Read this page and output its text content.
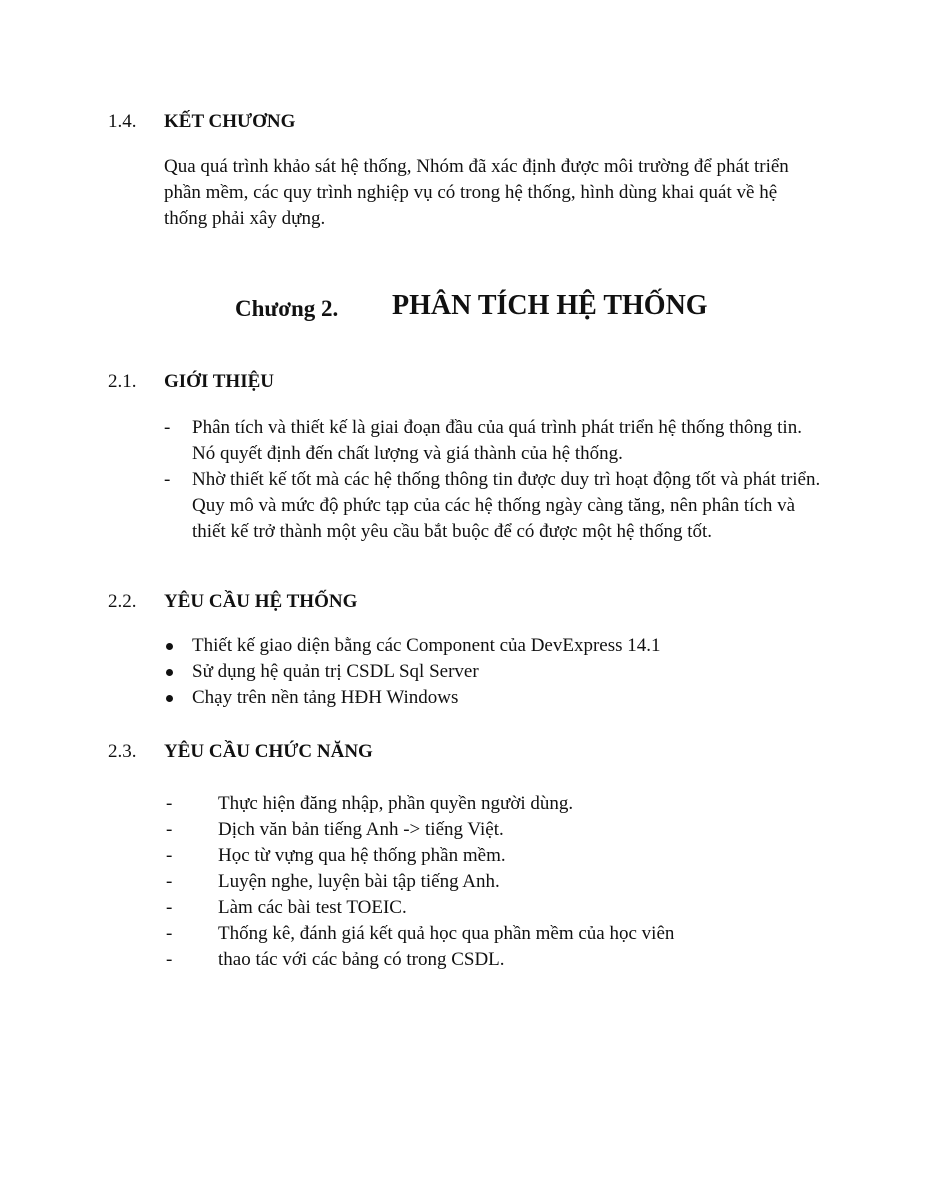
1.4. KẾT CHƯƠNG

Qua quá trình khảo sát hệ thống, Nhóm đã xác định được môi trường để phát triển phần mềm, các quy trình nghiệp vụ có trong hệ thống, hình dùng khai quát về hệ thống phải xây dựng.

Chương 2. PHÂN TÍCH HỆ THỐNG
2.1. GIỚI THIỆU
- Phân tích và thiết kế là giai đoạn đầu của quá trình phát triển hệ thống thông tin. Nó quyết định đến chất lượng và giá thành của hệ thống.
- Nhờ thiết kế tốt mà các hệ thống thông tin được duy trì hoạt động tốt và phát triển.
Quy mô và mức độ phức tạp của các hệ thống ngày càng tăng, nên phân tích và thiết kế trở thành một yêu cầu bắt buộc để có được một hệ thống tốt.
2.2. YÊU CẦU HỆ THỐNG
Thiết kế giao diện bằng các Component của DevExpress 14.1
Sử dụng hệ quản trị CSDL Sql Server
Chạy trên nền tảng HĐH Windows
2.3. YÊU CẦU CHỨC NĂNG
- Thực hiện đăng nhập, phần quyền người dùng.
- Dịch văn bản tiếng Anh -> tiếng Việt.
- Học từ vựng qua hệ thống phần mềm.
- Luyện nghe, luyện bài tập tiếng Anh.
- Làm các bài test TOEIC.
- Thống kê, đánh giá kết quả học qua phần mềm của học viên
- thao tác với các bảng có trong CSDL.
